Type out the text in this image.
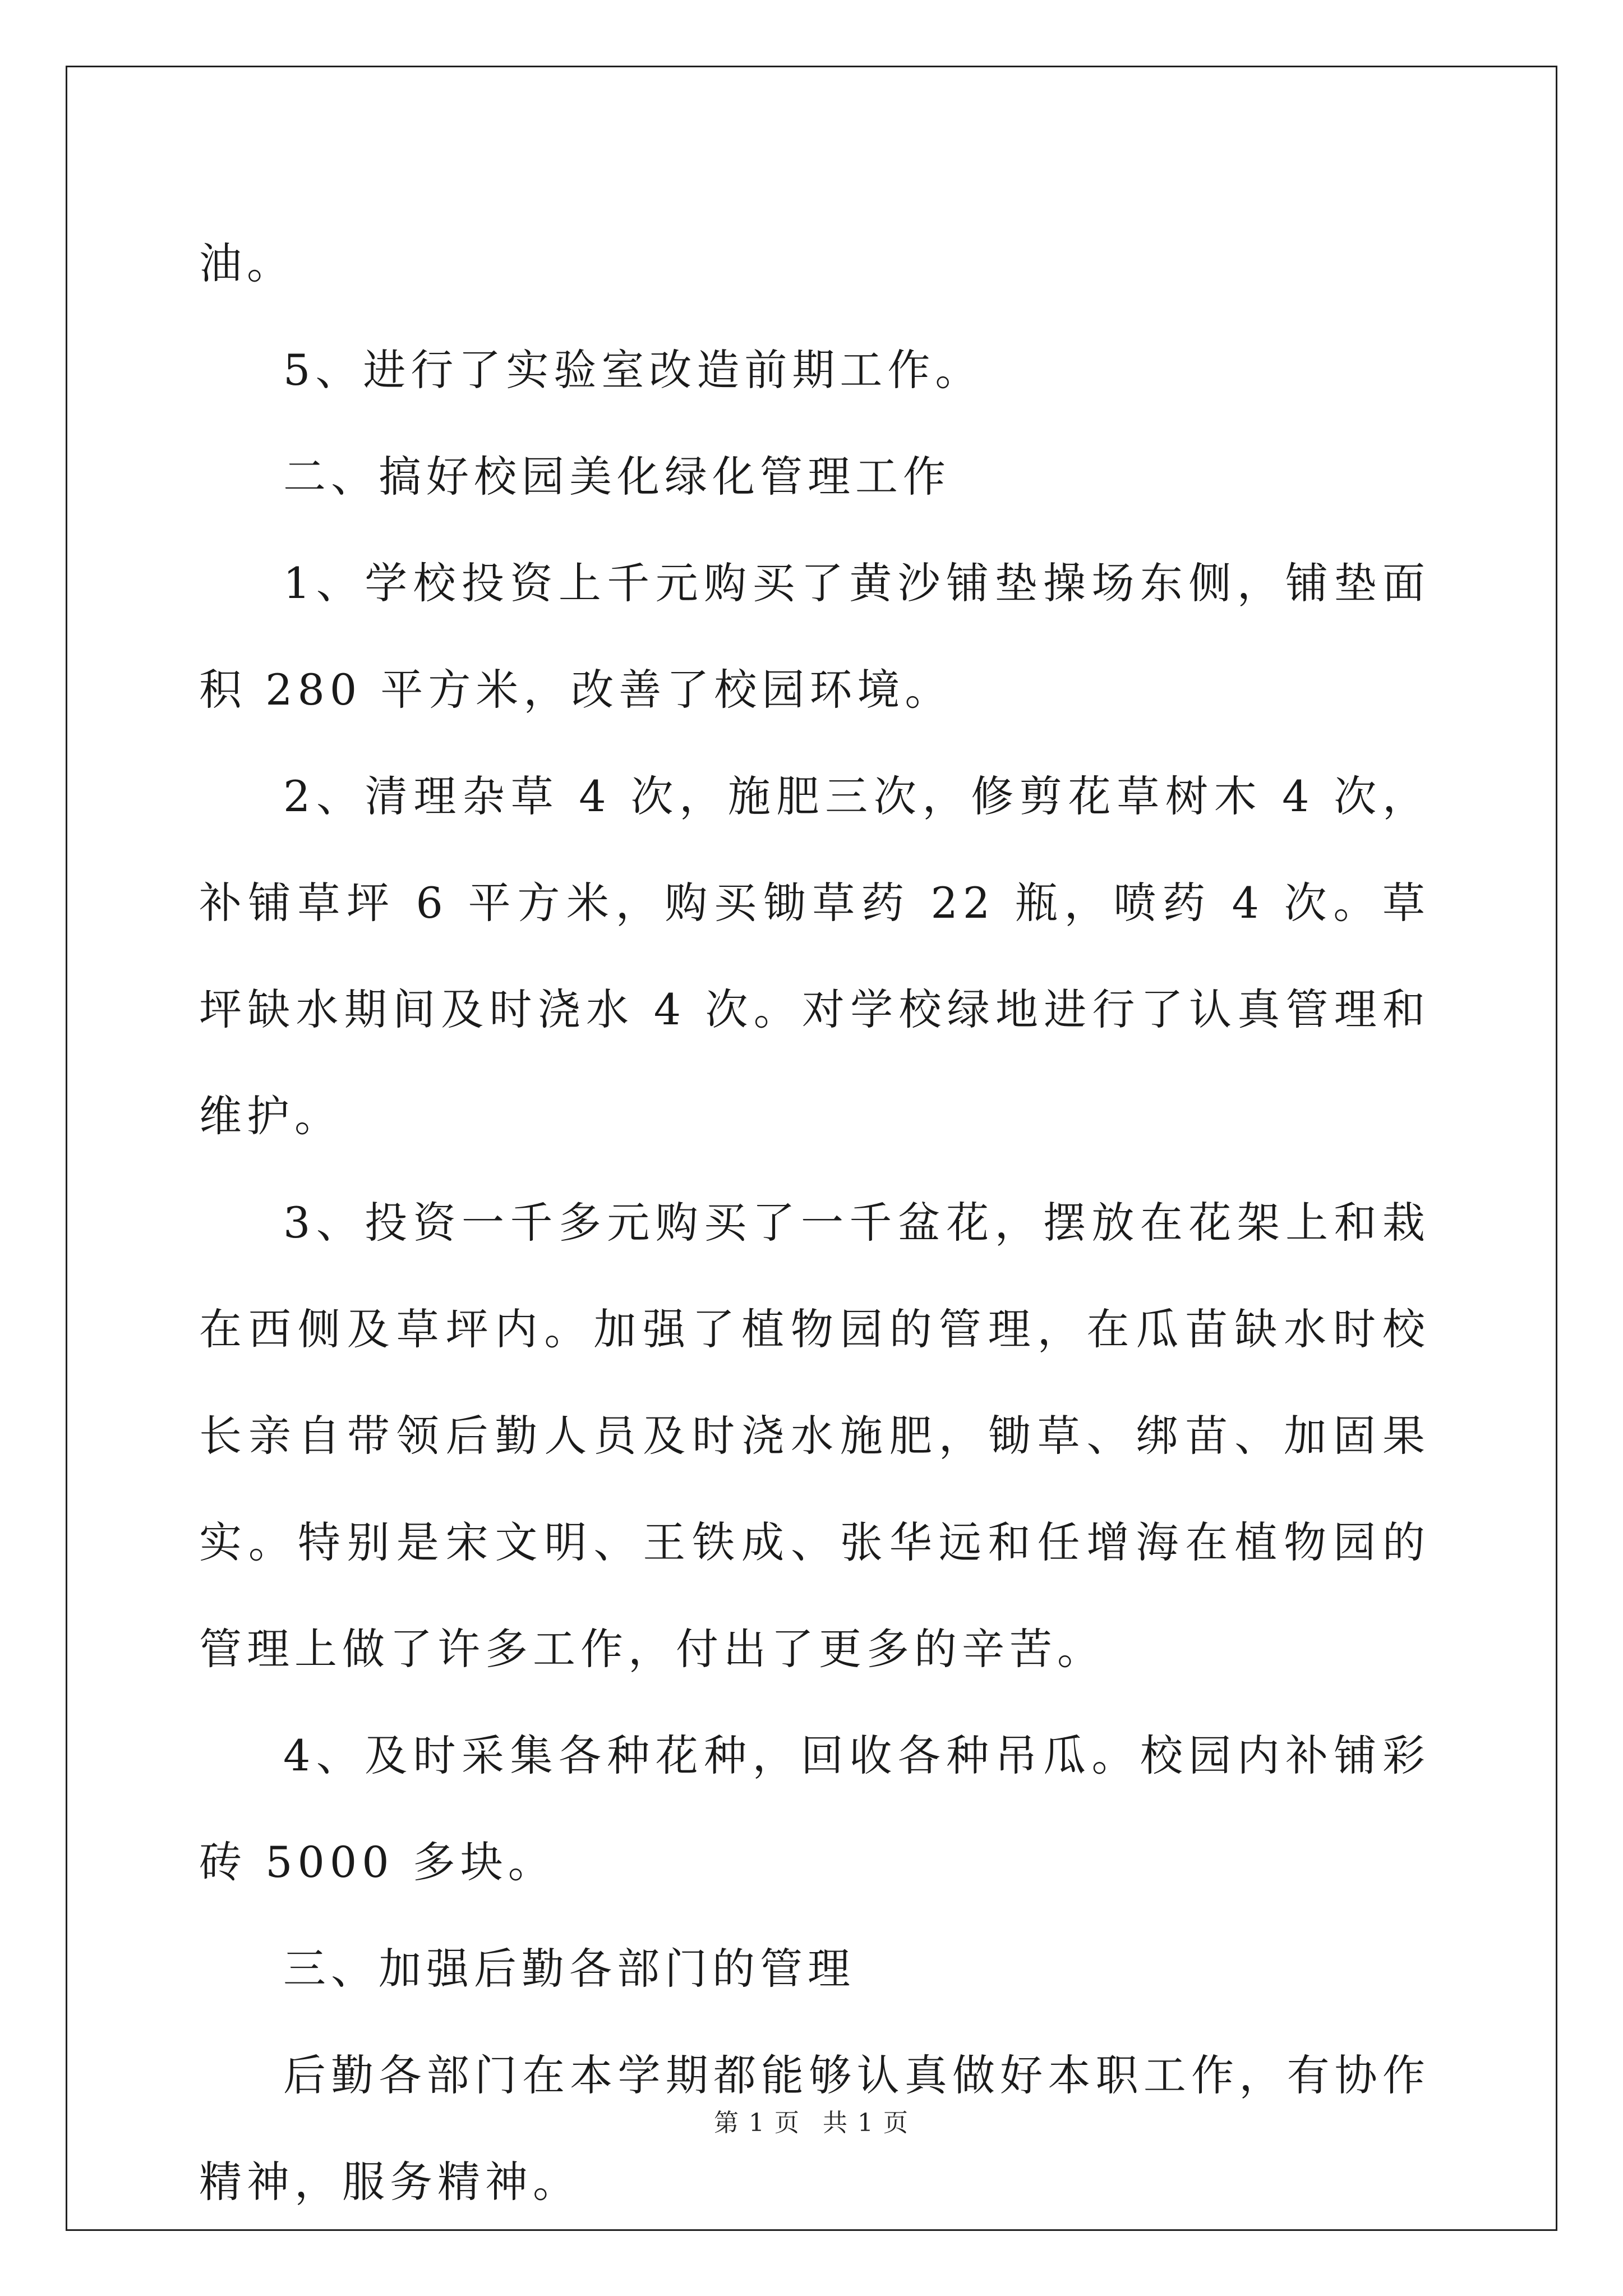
油。

5、进行了实验室改造前期工作。

二、搞好校园美化绿化管理工作

1、学校投资上千元购买了黄沙铺垫操场东侧，铺垫面积 280 平方米，改善了校园环境。

2、清理杂草 4 次，施肥三次，修剪花草树木 4 次，补铺草坪 6 平方米，购买锄草药 22 瓶，喷药 4 次。草坪缺水期间及时浇水 4 次。对学校绿地进行了认真管理和维护。

3、投资一千多元购买了一千盆花，摆放在花架上和栽在西侧及草坪内。加强了植物园的管理，在瓜苗缺水时校长亲自带领后勤人员及时浇水施肥，锄草、绑苗、加固果实。特别是宋文明、王铁成、张华远和任增海在植物园的管理上做了许多工作，付出了更多的辛苦。

4、及时采集各种花种，回收各种吊瓜。校园内补铺彩砖 5000 多块。

三、加强后勤各部门的管理

后勤各部门在本学期都能够认真做好本职工作，有协作精神，服务精神。

第 1 页 共 1 页
